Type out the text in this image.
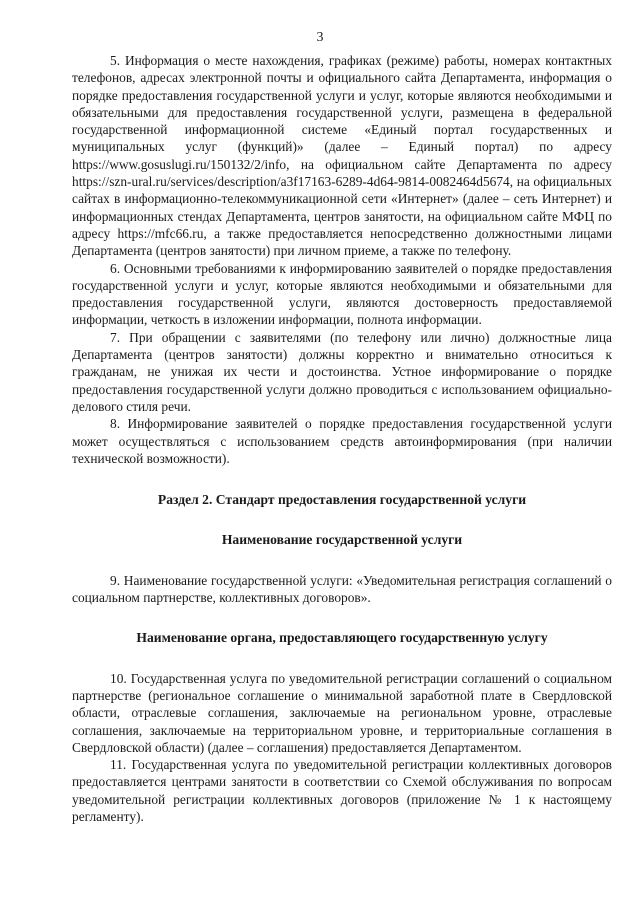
3

5. Информация о месте нахождения, графиках (режиме) работы, номерах контактных телефонов, адресах электронной почты и официального сайта Департамента, информация о порядке предоставления государственной услуги и услуг, которые являются необходимыми и обязательными для предоставления государственной услуги, размещена в федеральной государственной информационной системе «Единый портал государственных и муниципальных услуг (функций)» (далее – Единый портал) по адресу https://www.gosuslugi.ru/150132/2/info, на официальном сайте Департамента по адресу https://szn-ural.ru/services/description/a3f17163-6289-4d64-9814-0082464d5674, на официальных сайтах в информационно-телекоммуникационной сети «Интернет» (далее – сеть Интернет) и информационных стендах Департамента, центров занятости, на официальном сайте МФЦ по адресу https://mfc66.ru, а также предоставляется непосредственно должностными лицами Департамента (центров занятости) при личном приеме, а также по телефону.

6. Основными требованиями к информированию заявителей о порядке предоставления государственной услуги и услуг, которые являются необходимыми и обязательными для предоставления государственной услуги, являются достоверность предоставляемой информации, четкость в изложении информации, полнота информации.

7. При обращении с заявителями (по телефону или лично) должностные лица Департамента (центров занятости) должны корректно и внимательно относиться к гражданам, не унижая их чести и достоинства. Устное информирование о порядке предоставления государственной услуги должно проводиться с использованием официально-делового стиля речи.

8. Информирование заявителей о порядке предоставления государственной услуги может осуществляться с использованием средств автоинформирования (при наличии технической возможности).

Раздел 2. Стандарт предоставления государственной услуги

Наименование государственной услуги

9. Наименование государственной услуги: «Уведомительная регистрация соглашений о социальном партнерстве, коллективных договоров».

Наименование органа, предоставляющего государственную услугу

10. Государственная услуга по уведомительной регистрации соглашений о социальном партнерстве (региональное соглашение о минимальной заработной плате в Свердловской области, отраслевые соглашения, заключаемые на региональном уровне, отраслевые соглашения, заключаемые на территориальном уровне, и территориальные соглашения в Свердловской области) (далее – соглашения) предоставляется Департаментом.

11. Государственная услуга по уведомительной регистрации коллективных договоров предоставляется центрами занятости в соответствии со Схемой обслуживания по вопросам уведомительной регистрации коллективных договоров (приложение № 1 к настоящему регламенту).
